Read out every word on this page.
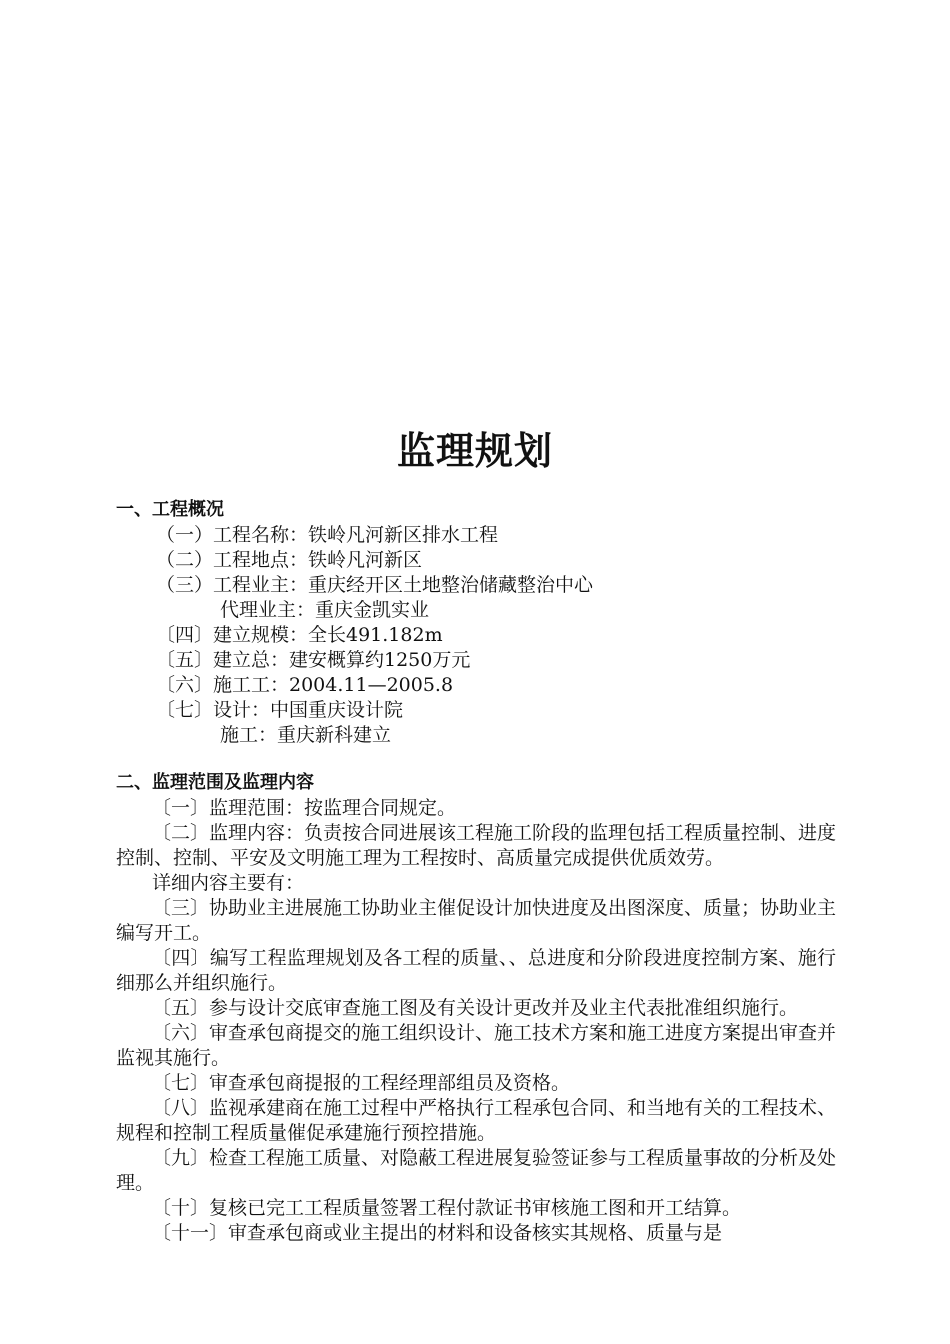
监理规划
一、工程概况
（一）工程名称：铁岭凡河新区排水工程
（二）工程地点：铁岭凡河新区
（三）工程业主：重庆经开区土地整治储藏整治中心
代理业主：重庆金凯实业
〔四〕建立规模：全长491.182m
〔五〕建立总：建安概算约1250万元
〔六〕施工工：2004.11—2005.8
〔七〕设计：中国重庆设计院
施工：重庆新科建立
二、监理范围及监理内容
〔一〕监理范围：按监理合同规定。
〔二〕监理内容：负责按合同进展该工程施工阶段的监理包括工程质量控制、进度控制、控制、平安及文明施工理为工程按时、高质量完成提供优质效劳。
详细内容主要有：
〔三〕协助业主进展施工协助业主催促设计加快进度及出图深度、质量；协助业主编写开工。
〔四〕编写工程监理规划及各工程的质量、、总进度和分阶段进度控制方案、施行细那么并组织施行。
〔五〕参与设计交底审查施工图及有关设计更改并及业主代表批准组织施行。
〔六〕审查承包商提交的施工组织设计、施工技术方案和施工进度方案提出审查并监视其施行。
〔七〕审查承包商提报的工程经理部组员及资格。
〔八〕监视承建商在施工过程中严格执行工程承包合同、和当地有关的工程技术、规程和控制工程质量催促承建施行预控措施。
〔九〕检查工程施工质量、对隐蔽工程进展复验签证参与工程质量事故的分析及处理。
〔十〕复核已完工工程质量签署工程付款证书审核施工图和开工结算。
〔十一〕审查承包商或业主提出的材料和设备核实其规格、质量与是
